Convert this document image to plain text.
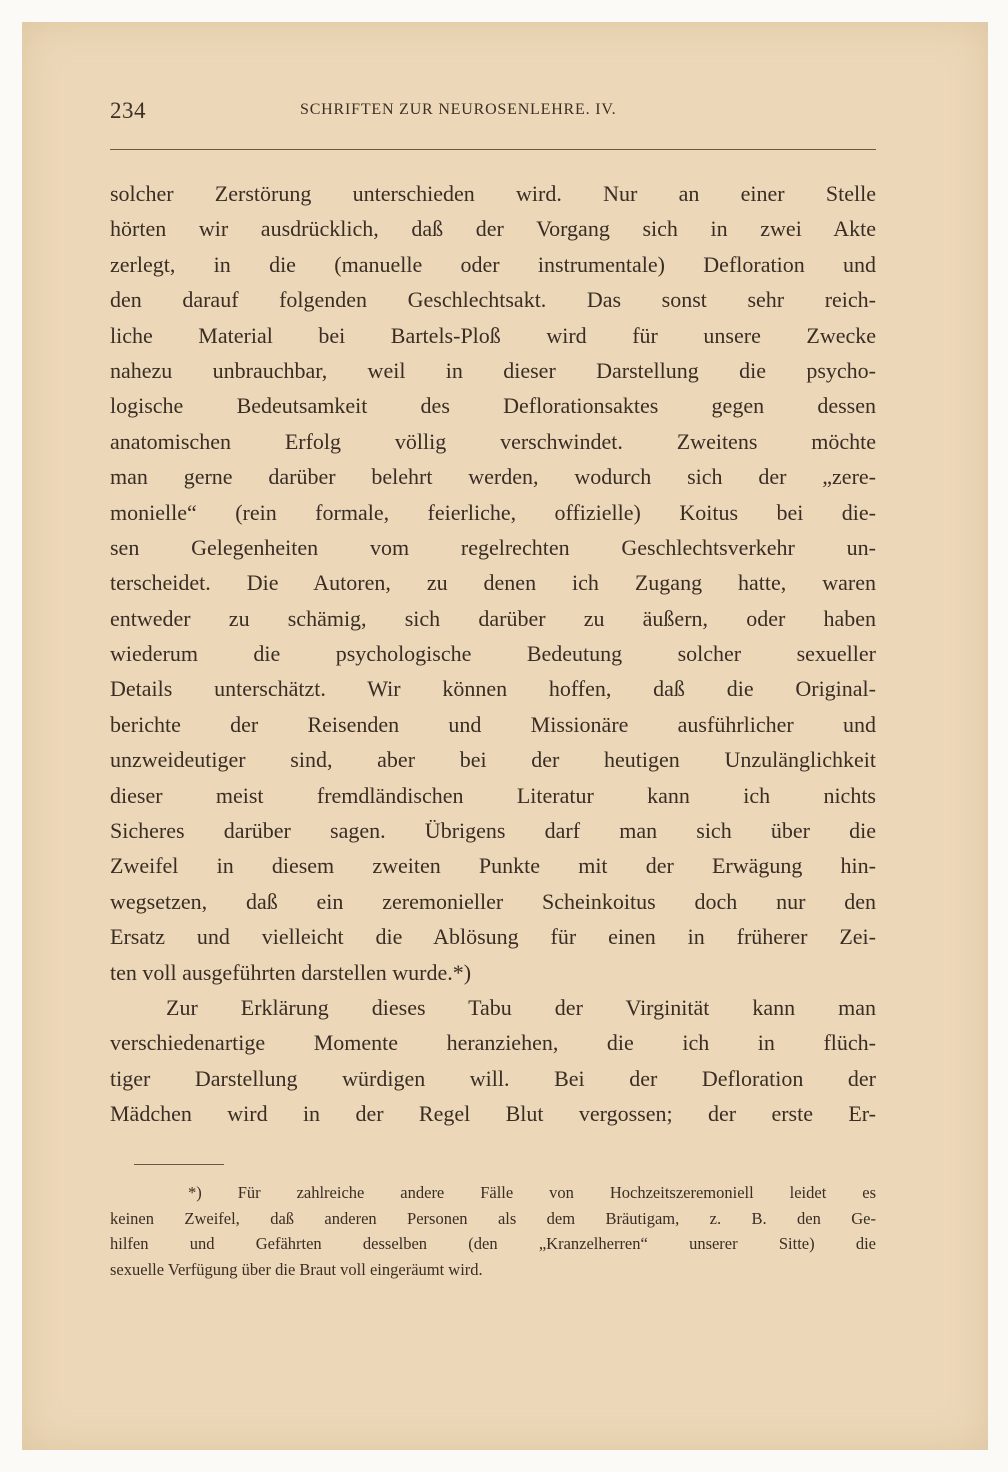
234	SCHRIFTEN ZUR NEUROSENLEHRE. IV.
solcher Zerstörung unterschieden wird. Nur an einer Stelle
hörten wir ausdrücklich, daß der Vorgang sich in zwei Akte
zerlegt, in die (manuelle oder instrumentale) Defloration und
den darauf folgenden Geschlechtsakt. Das sonst sehr reich-
liche Material bei Bartels-Ploß wird für unsere Zwecke
nahezu unbrauchbar, weil in dieser Darstellung die psycho-
logische Bedeutsamkeit des Deflorationsaktes gegen dessen
anatomischen Erfolg völlig verschwindet. Zweitens möchte
man gerne darüber belehrt werden, wodurch sich der „zere-
monielle“ (rein formale, feierliche, offizielle) Koitus bei die-
sen Gelegenheiten vom regelrechten Geschlechtsverkehr un-
terscheidet. Die Autoren, zu denen ich Zugang hatte, waren
entweder zu schämig, sich darüber zu äußern, oder haben
wiederum die psychologische Bedeutung solcher sexueller
Details unterschätzt. Wir können hoffen, daß die Original-
berichte der Reisenden und Missionäre ausführlicher und
unzweideutiger sind, aber bei der heutigen Unzulänglichkeit
dieser meist fremdländischen Literatur kann ich nichts
Sicheres darüber sagen. Übrigens darf man sich über die
Zweifel in diesem zweiten Punkte mit der Erwägung hin-
wegsetzen, daß ein zeremonieller Scheinkoitus doch nur den
Ersatz und vielleicht die Ablösung für einen in früherer Zei-
ten voll ausgeführten darstellen wurde.*)
Zur Erklärung dieses Tabu der Virginität kann man
verschiedenartige Momente heranziehen, die ich in flüch-
tiger Darstellung würdigen will. Bei der Defloration der
Mädchen wird in der Regel Blut vergossen; der erste Er-
*) Für zahlreiche andere Fälle von Hochzeitszeremoniell leidet es
keinen Zweifel, daß anderen Personen als dem Bräutigam, z. B. den Ge-
hilfen und Gefährten desselben (den „Kranzelherren“ unserer Sitte) die
sexuelle Verfügung über die Braut voll eingeräumt wird.
